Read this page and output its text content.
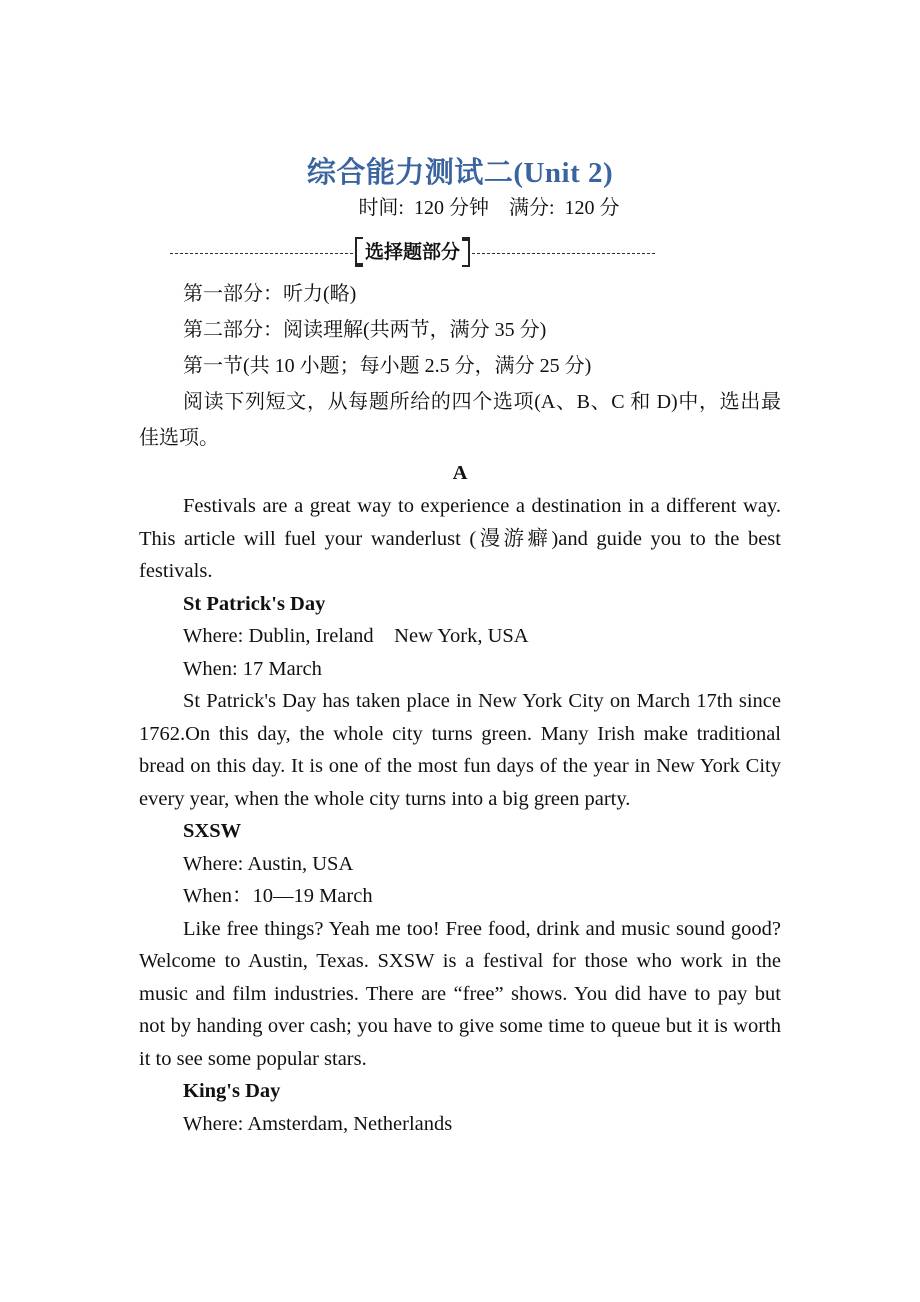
综合能力测试二(Unit 2)
时间:  120 分钟    满分:  120 分
选择题部分

第一部分：听力(略)

第二部分：阅读理解(共两节，满分 35 分)

第一节(共 10 小题；每小题 2.5 分，满分 25 分)

阅读下列短文，从每题所给的四个选项(A、B、C 和 D)中，选出最佳选项。

A

Festivals are a great way to experience a destination in a different way. This article will fuel your wanderlust (漫游癖)and guide you to the best festivals.

St Patrick's Day

Where: Dublin, Ireland    New York, USA

When: 17 March

St Patrick's Day has taken place in New York City on March 17th since 1762.On this day, the whole city turns green. Many Irish make traditional bread on this day. It is one of the most fun days of the year in New York City every year, when the whole city turns into a big green party.

SXSW

Where: Austin, USA

When：10—19 March

Like free things? Yeah me too! Free food, drink and music sound good? Welcome to Austin, Texas. SXSW is a festival for those who work in the music and film industries. There are “free” shows. You did have to pay but not by handing over cash; you have to give some time to queue but it is worth it to see some popular stars.

King's Day

Where: Amsterdam, Netherlands
